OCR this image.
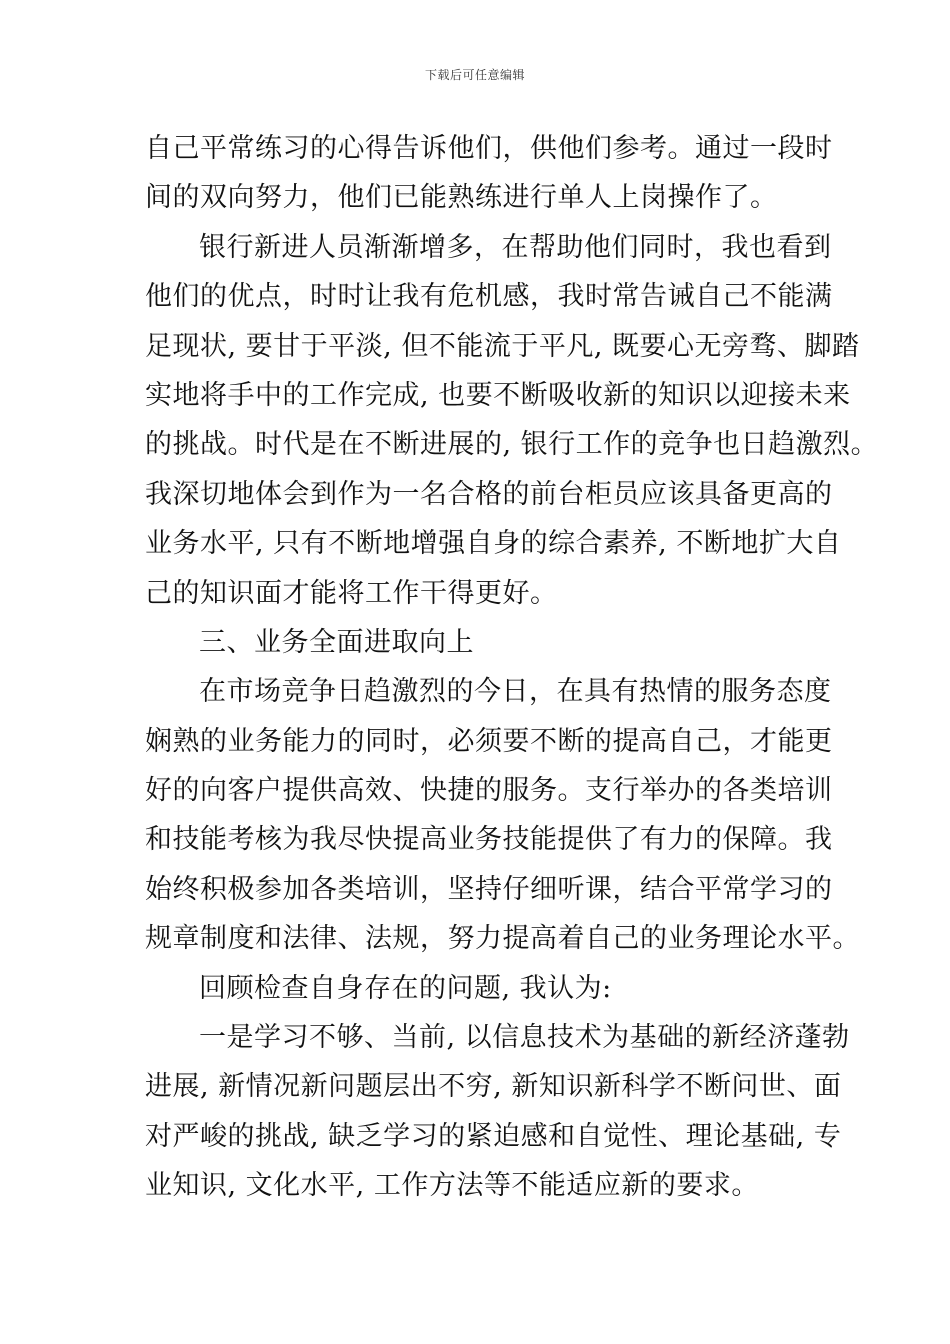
下载后可任意编辑
自己平常练习的心得告诉他们，供他们参考。通过一段时
间的双向努力，他们已能熟练进行单人上岗操作了。
银行新进人员渐渐增多，在帮助他们同时，我也看到
他们的优点，时时让我有危机感，我时常告诫自己不能满
足现状, 要甘于平淡, 但不能流于平凡, 既要心无旁骛、脚踏
实地将手中的工作完成, 也要不断吸收新的知识以迎接未来
的挑战。时代是在不断进展的, 银行工作的竞争也日趋激烈。
我深切地体会到作为一名合格的前台柜员应该具备更高的
业务水平, 只有不断地增强自身的综合素养, 不断地扩大自
己的知识面才能将工作干得更好。
三、业务全面进取向上
在市场竞争日趋激烈的今日，在具有热情的服务态度
娴熟的业务能力的同时，必须要不断的提高自己，才能更
好的向客户提供高效、快捷的服务。支行举办的各类培训
和技能考核为我尽快提高业务技能提供了有力的保障。我
始终积极参加各类培训，坚持仔细听课，结合平常学习的
规章制度和法律、法规，努力提高着自己的业务理论水平。
回顾检查自身存在的问题, 我认为:
一是学习不够、当前, 以信息技术为基础的新经济蓬勃
进展, 新情况新问题层出不穷, 新知识新科学不断问世、面
对严峻的挑战, 缺乏学习的紧迫感和自觉性、理论基础, 专
业知识, 文化水平, 工作方法等不能适应新的要求。
